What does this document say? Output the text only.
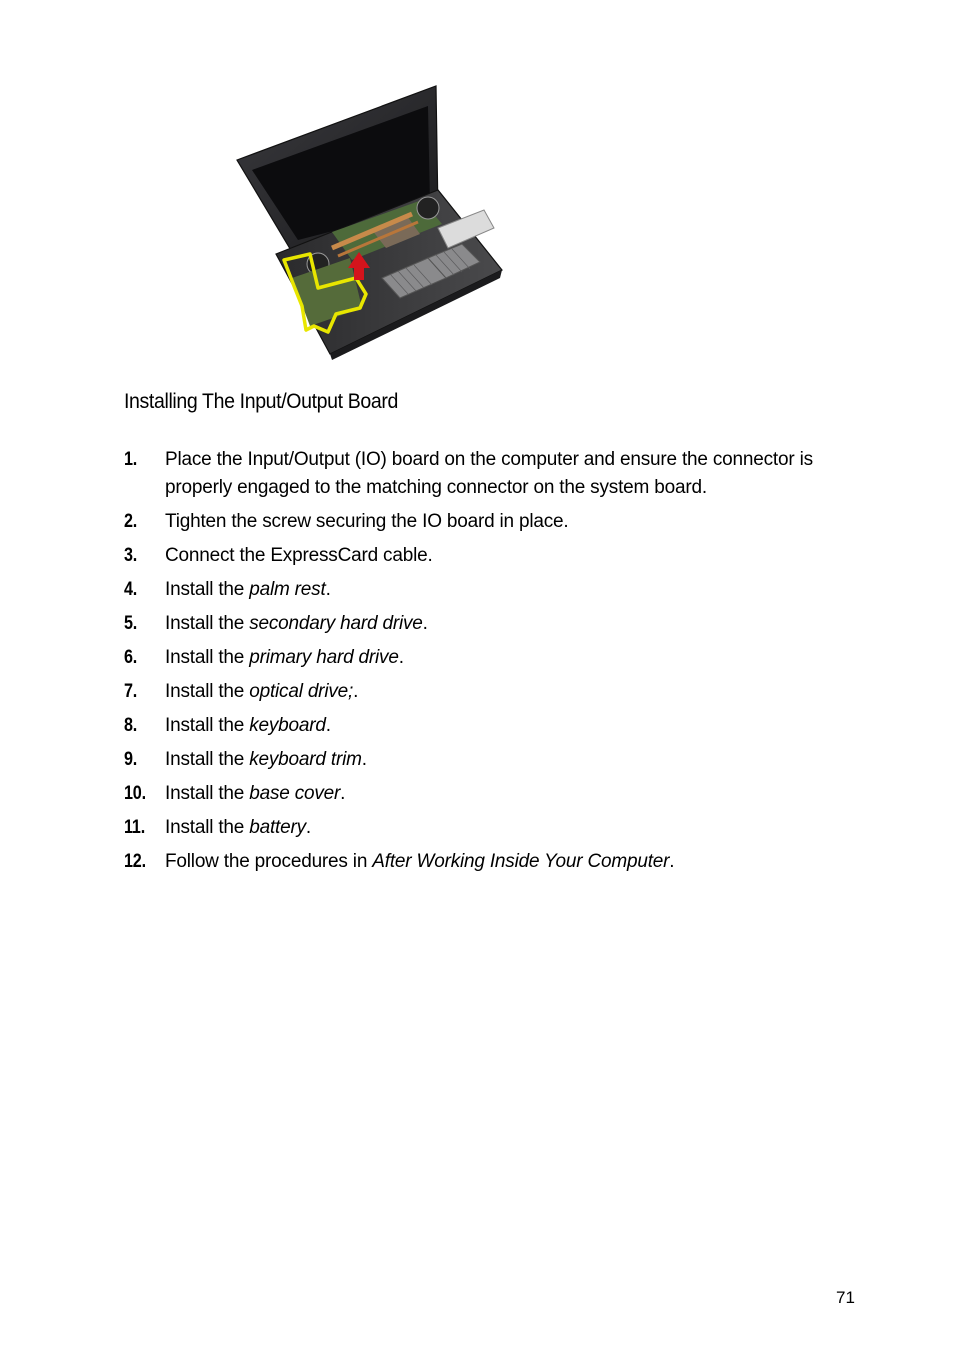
Installing The Input/Output Board
1. Place the Input/Output (IO) board on the computer and ensure the connector is properly engaged to the matching connector on the system board.
2. Tighten the screw securing the IO board in place.
3. Connect the ExpressCard cable.
4. Install the palm rest.
5. Install the secondary hard drive.
6. Install the primary hard drive.
7. Install the optical drive;.
8. Install the keyboard.
9. Install the keyboard trim.
10. Install the base cover.
11. Install the battery.
12. Follow the procedures in After Working Inside Your Computer.
71
